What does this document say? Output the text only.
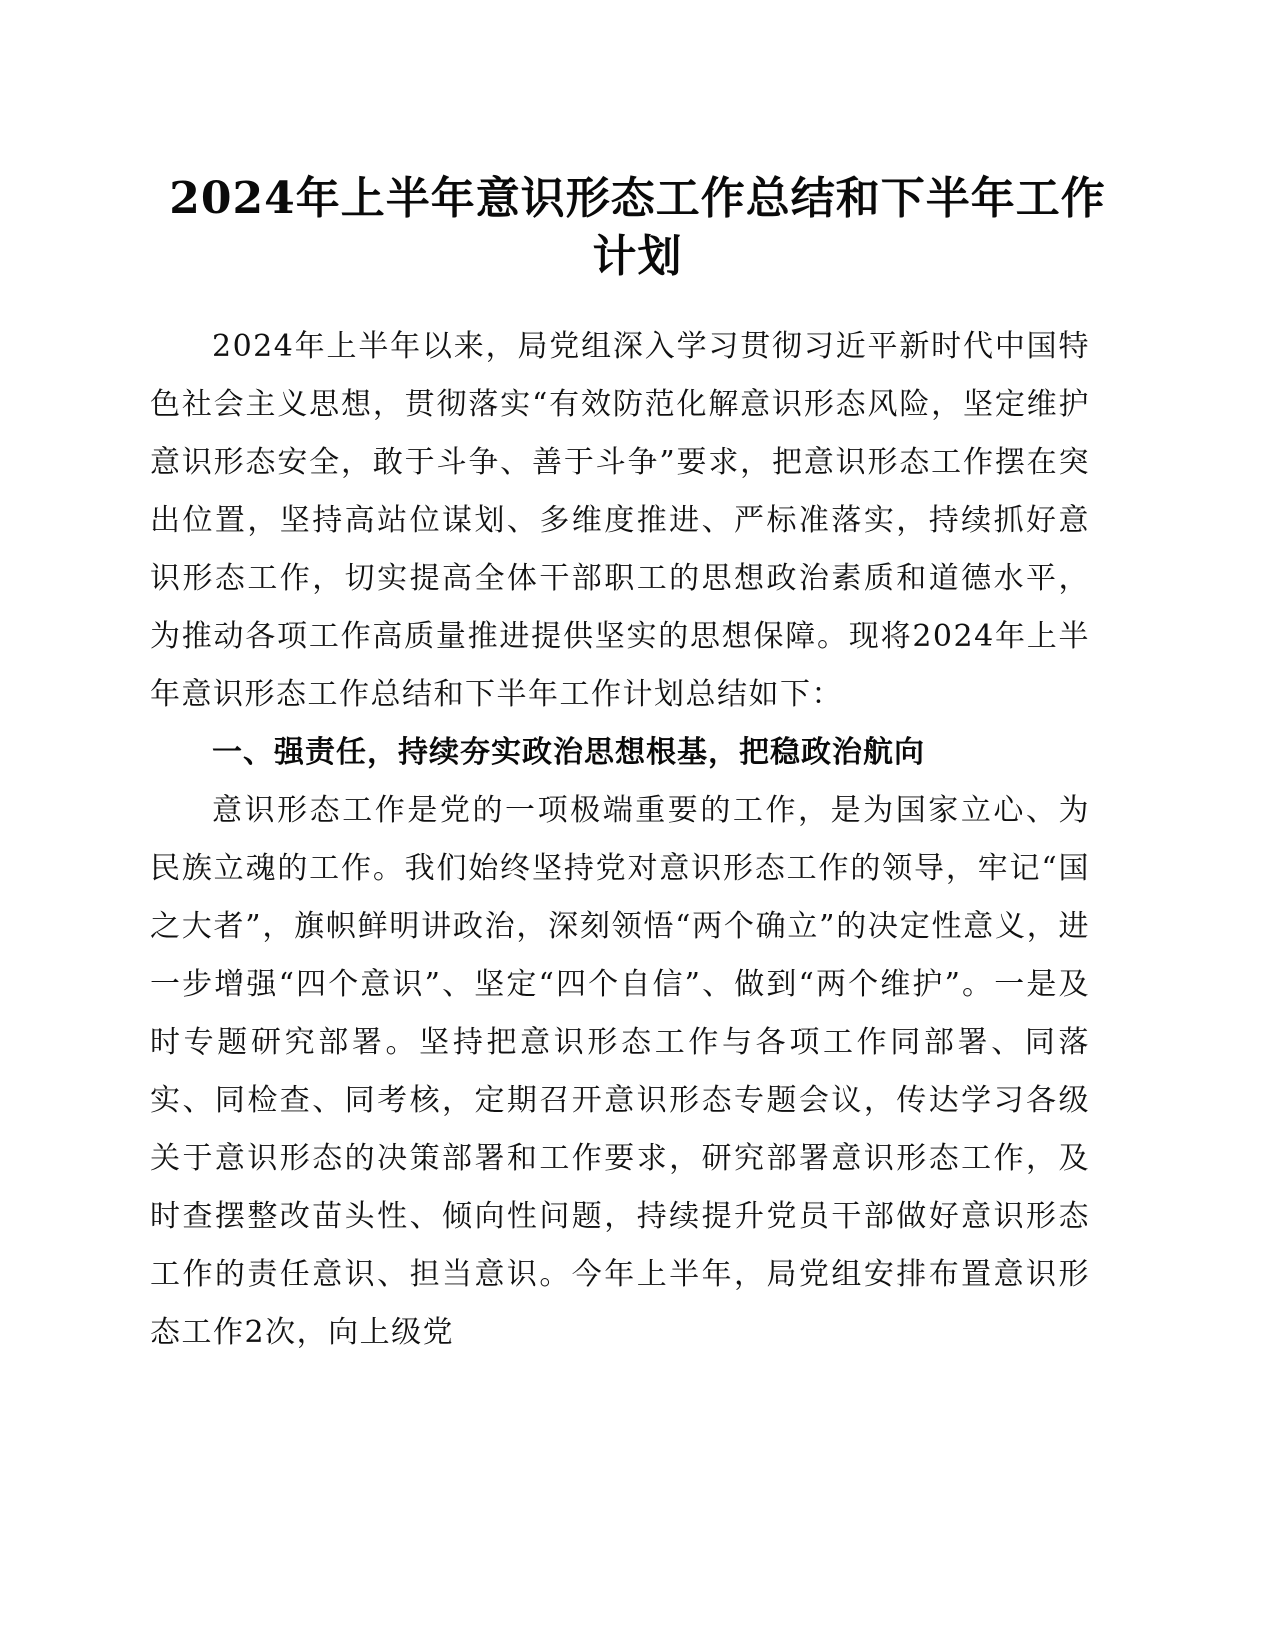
2024年上半年意识形态工作总结和下半年工作计划

2024年上半年以来，局党组深入学习贯彻习近平新时代中国特色社会主义思想，贯彻落实“有效防范化解意识形态风险，坚定维护意识形态安全，敢于斗争、善于斗争”要求，把意识形态工作摆在突出位置，坚持高站位谋划、多维度推进、严标准落实，持续抓好意识形态工作，切实提高全体干部职工的思想政治素质和道德水平，为推动各项工作高质量推进提供坚实的思想保障。现将2024年上半年意识形态工作总结和下半年工作计划总结如下：

一、强责任，持续夯实政治思想根基，把稳政治航向

意识形态工作是党的一项极端重要的工作，是为国家立心、为民族立魂的工作。我们始终坚持党对意识形态工作的领导，牢记“国之大者”，旗帜鲜明讲政治，深刻领悟“两个确立”的决定性意义，进一步增强“四个意识”、坚定“四个自信”、做到“两个维护”。一是及时专题研究部署。坚持把意识形态工作与各项工作同部署、同落实、同检查、同考核，定期召开意识形态专题会议，传达学习各级关于意识形态的决策部署和工作要求，研究部署意识形态工作，及时查摆整改苗头性、倾向性问题，持续提升党员干部做好意识形态工作的责任意识、担当意识。今年上半年，局党组安排布置意识形态工作2次，向上级党
